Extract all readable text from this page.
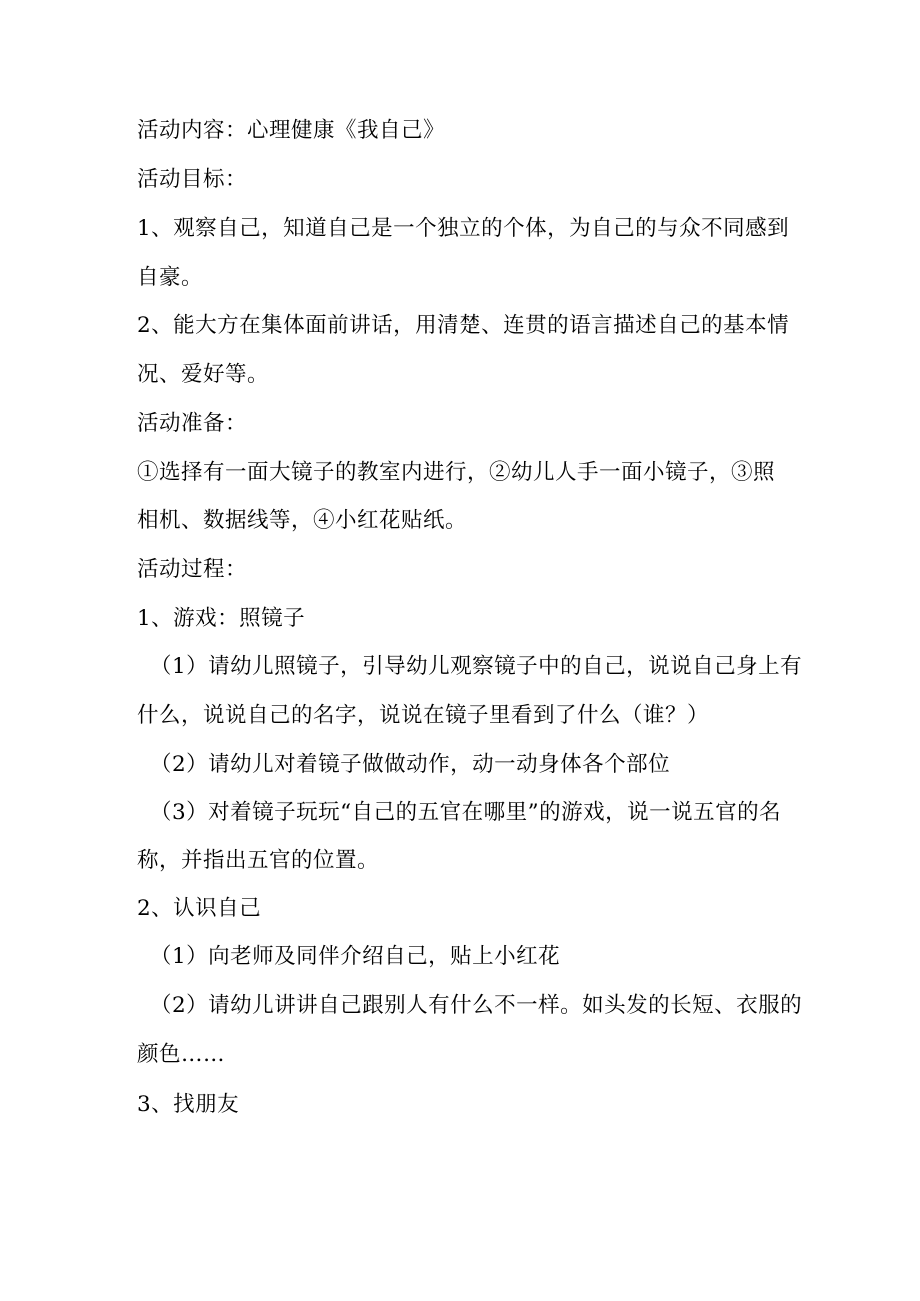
活动内容：心理健康《我自己》
活动目标：
1、观察自己，知道自己是一个独立的个体，为自己的与众不同感到
自豪。
2、能大方在集体面前讲话，用清楚、连贯的语言描述自己的基本情
况、爱好等。
活动准备：
①选择有一面大镜子的教室内进行，②幼儿人手一面小镜子，③照
相机、数据线等，④小红花贴纸。
活动过程：
1、游戏：照镜子
（1）请幼儿照镜子，引导幼儿观察镜子中的自己，说说自己身上有
什么，说说自己的名字，说说在镜子里看到了什么（谁？）
（2）请幼儿对着镜子做做动作，动一动身体各个部位
（3）对着镜子玩玩“自己的五官在哪里”的游戏，说一说五官的名
称，并指出五官的位置。
2、认识自己
（1）向老师及同伴介绍自己，贴上小红花
（2）请幼儿讲讲自己跟别人有什么不一样。如头发的长短、衣服的
颜色……
3、找朋友
